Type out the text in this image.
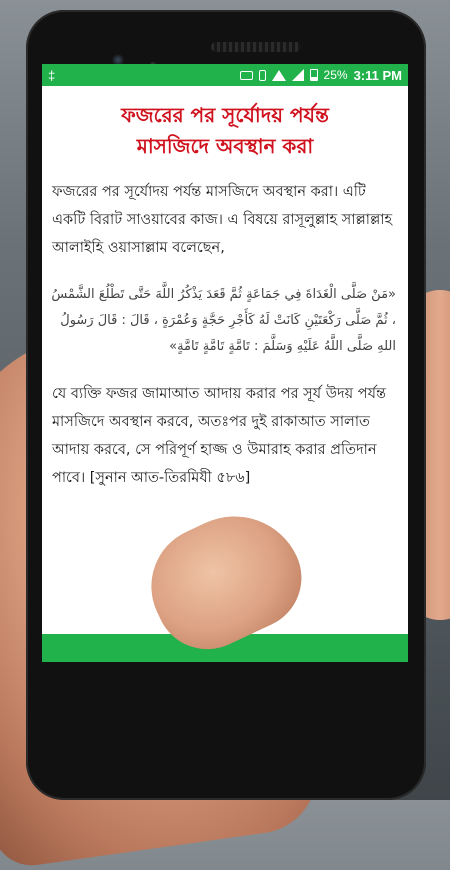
‡
25% 3:11 PM
ফজরের পর সূর্যোদয় পর্যন্ত
মাসজিদে অবস্থান করা

ফজরের পর সূর্যোদয় পর্যন্ত মাসজিদে অবস্থান করা। এটি একটি বিরাট সাওয়াবের কাজ। এ বিষয়ে রাসূলুল্লাহ সাল্লাল্লাহ আলাইহি ওয়াসাল্লাম বলেছেন,

«مَنْ صَلَّى الْغَدَاةَ فِي جَمَاعَةٍ ثُمَّ قَعَدَ يَذْكُرُ اللَّهَ حَتَّى تَطْلُعَ الشَّمْسُ ، ثُمَّ صَلَّى رَكْعَتَيْنِ كَانَتْ لَهُ كَأَجْرِ حَجَّةٍ وَعُمْرَةٍ ، قَالَ : قَالَ رَسُولُ اللهِ صَلَّى اللَّهُ عَلَيْهِ وَسَلَّمَ : تَامَّةٍ تَامَّةٍ تَامَّةٍ»

যে ব্যক্তি ফজর জামাআত আদায় করার পর সূর্য উদয় পর্যন্ত মাসজিদে অবস্থান করবে, অতঃপর দুই রাকাআত সালাত আদায় করবে, সে পরিপূর্ণ হাজ্জ ও উমারাহ করার প্রতিদান পাবে। [সুনান আত-তিরমিযী ৫৮৬]
